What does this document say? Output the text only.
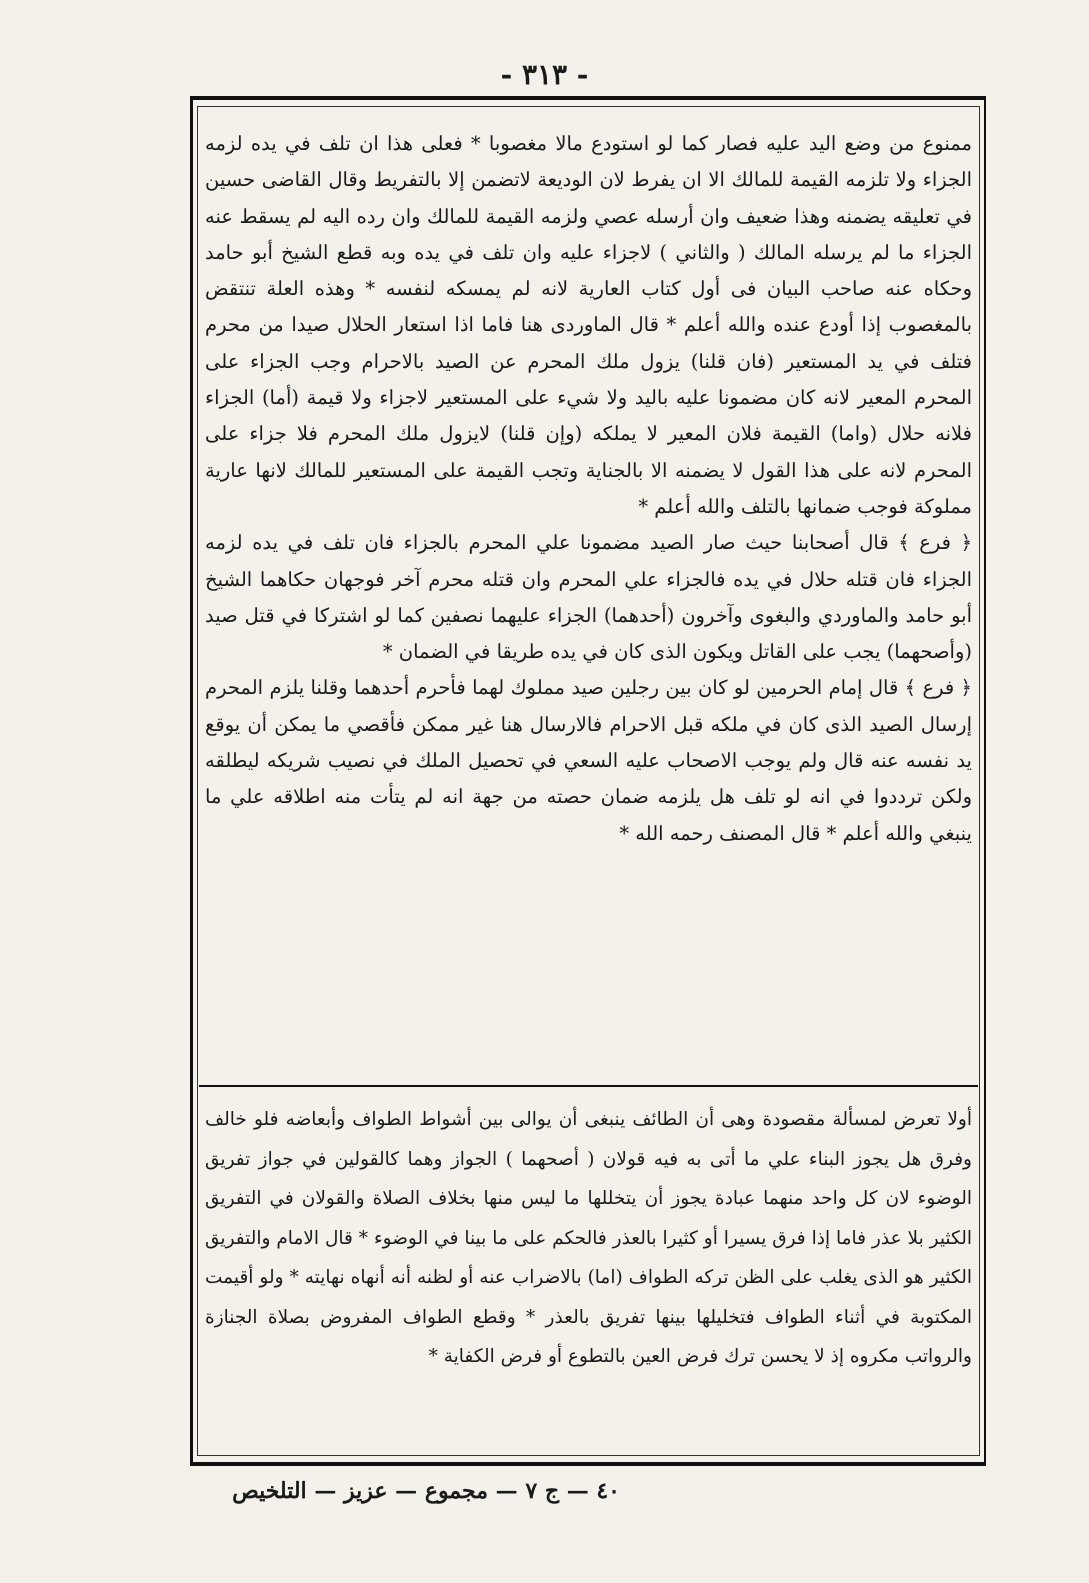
- ٣١٣ -

ممنوع من وضع اليد عليه فصار كما لو استودع مالا مغصوبا * فعلى هذا ان تلف في يده لزمه الجزاء ولا تلزمه القيمة للمالك الا ان يفرط لان الوديعة لاتضمن إلا بالتفريط وقال القاضى حسين في تعليقه يضمنه وهذا ضعيف وان أرسله عصي ولزمه القيمة للمالك وان رده اليه لم يسقط عنه الجزاء ما لم يرسله المالك ( والثاني ) لاجزاء عليه وان تلف في يده وبه قطع الشيخ أبو حامد وحكاه عنه صاحب البيان فى أول كتاب العارية لانه لم يمسكه لنفسه * وهذه العلة تنتقض بالمغصوب إذا أودع عنده والله أعلم * قال الماوردى هنا فاما اذا استعار الحلال صيدا من محرم فتلف في يد المستعير (فان قلنا) يزول ملك المحرم عن الصيد بالاحرام وجب الجزاء على المحرم المعير لانه كان مضمونا عليه باليد ولا شيء على المستعير لاجزاء ولا قيمة (أما) الجزاء فلانه حلال (واما) القيمة فلان المعير لا يملكه (وإن قلنا) لايزول ملك المحرم فلا جزاء على المحرم لانه على هذا القول لا يضمنه الا بالجناية وتجب القيمة على المستعير للمالك لانها عارية مملوكة فوجب ضمانها بالتلف والله أعلم *

﴿ فرع ﴾ قال أصحابنا حيث صار الصيد مضمونا علي المحرم بالجزاء فان تلف في يده لزمه الجزاء فان قتله حلال في يده فالجزاء علي المحرم وان قتله محرم آخر فوجهان حكاهما الشيخ أبو حامد والماوردي والبغوى وآخرون (أحدهما) الجزاء عليهما نصفين كما لو اشتركا في قتل صيد (وأصحهما) يجب على القاتل ويكون الذى كان في يده طريقا في الضمان *

﴿ فرع ﴾ قال إمام الحرمين لو كان بين رجلين صيد مملوك لهما فأحرم أحدهما وقلنا يلزم المحرم إرسال الصيد الذى كان في ملكه قبل الاحرام فالارسال هنا غير ممكن فأقصي ما يمكن أن يوقع يد نفسه عنه قال ولم يوجب الاصحاب عليه السعي في تحصيل الملك في نصيب شريكه ليطلقه ولكن ترددوا في انه لو تلف هل يلزمه ضمان حصته من جهة انه لم يتأت منه اطلاقه علي ما ينبغي والله أعلم * قال المصنف رحمه الله *

أولا تعرض لمسألة مقصودة وهى أن الطائف ينبغى أن يوالى بين أشواط الطواف وأبعاضه فلو خالف وفرق هل يجوز البناء علي ما أتى به فيه قولان ( أصحهما ) الجواز وهما كالقولين في جواز تفريق الوضوء لان كل واحد منهما عبادة يجوز أن يتخللها ما ليس منها بخلاف الصلاة والقولان في التفريق الكثير بلا عذر فاما إذا فرق يسيرا أو كثيرا بالعذر فالحكم على ما بينا في الوضوء * قال الامام والتفريق الكثير هو الذى يغلب على الظن تركه الطواف (اما) بالاضراب عنه أو لظنه أنه أنهاه نهايته * ولو أقيمت المكتوبة في أثناء الطواف فتخليلها بينها تفريق بالعذر * وقطع الطواف المفروض بصلاة الجنازة والرواتب مكروه إذ لا يحسن ترك فرض العين بالتطوع أو فرض الكفاية *

٤٠ — ج ٧ — مجموع — عزيز — التلخيص
